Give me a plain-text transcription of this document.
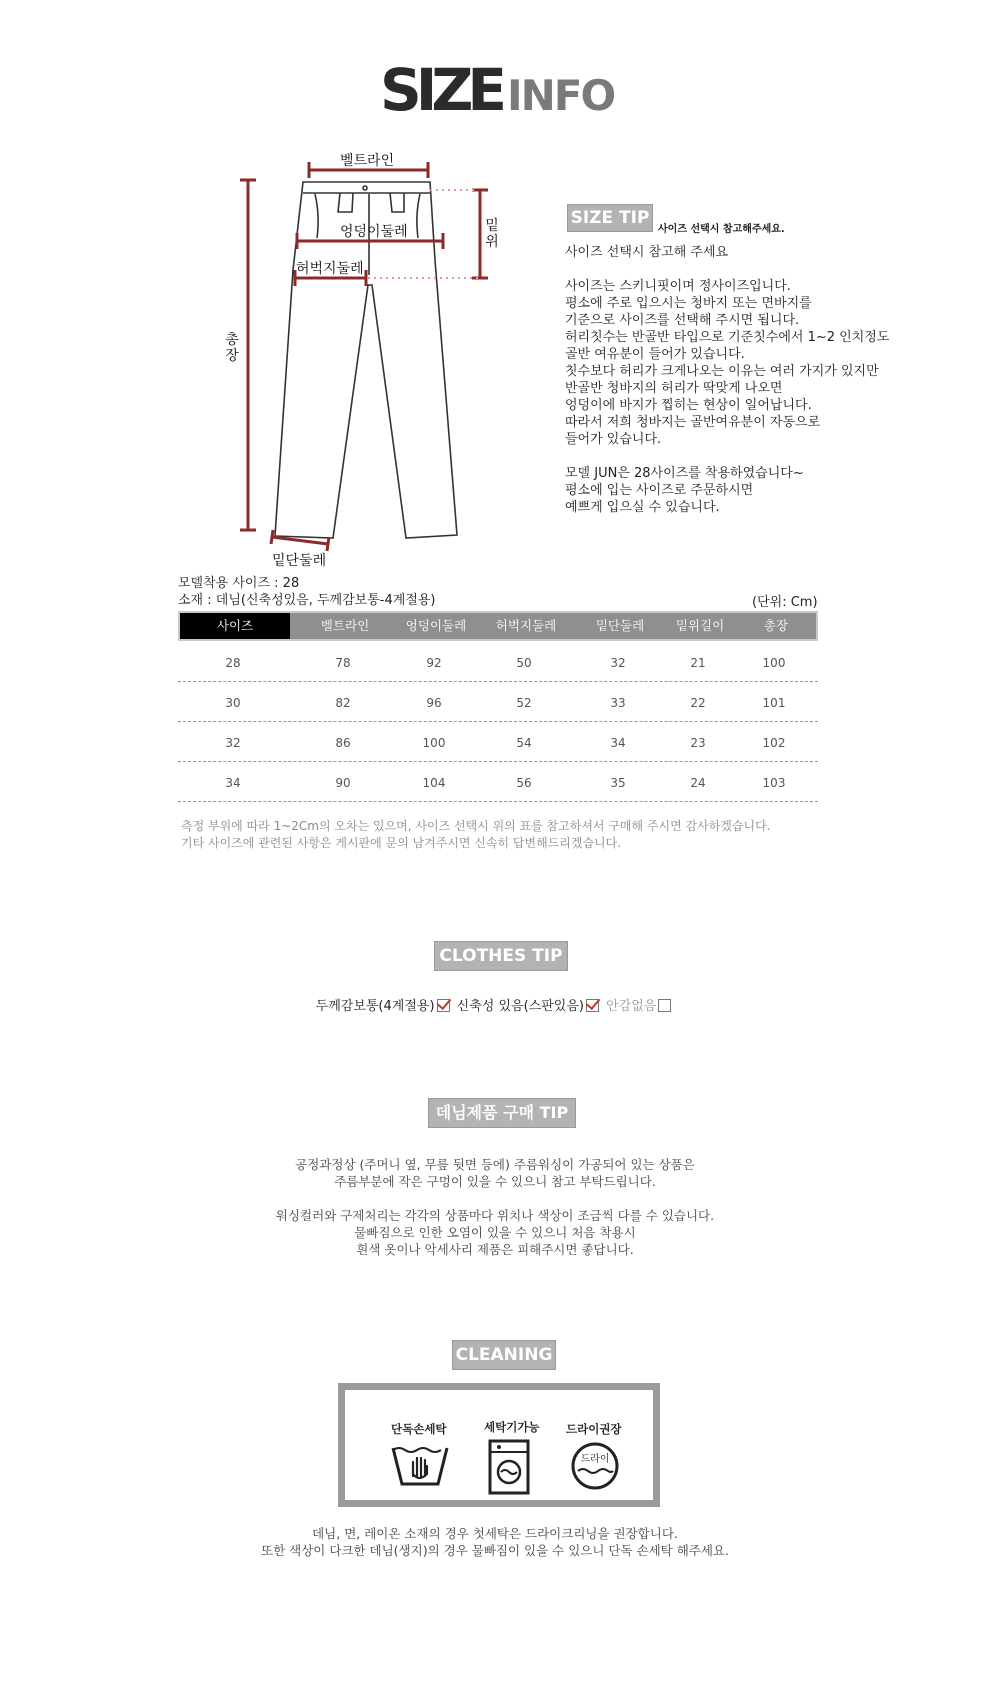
SIZE INFO
벨트라인
엉덩이둘레
허벅지둘레
밑위
총장
밑단둘레
SIZE TIP
사이즈 선택시 참고해주세요.

사이즈 선택시 참고해 주세요

사이즈는 스키니핏이며 정사이즈입니다.

평소에 주로 입으시는 청바지 또는 면바지를

기준으로 사이즈를 선택해 주시면 됩니다.

허리칫수는 반골반 타입으로 기준칫수에서 1~2 인치정도

골반 여유분이 들어가 있습니다.

칫수보다 허리가 크게나오는 이유는 여러 가지가 있지만

반골반 청바지의 허리가 딱맞게 나오면

엉덩이에 바지가 찝히는 현상이 일어납니다.

따라서 저희 청바지는 골반여유분이 자동으로

들어가 있습니다.

모델 JUN은 28사이즈를 착용하였습니다~

평소에 입는 사이즈로 주문하시면

예쁘게 입으실 수 있습니다.

모델착용 사이즈 : 28
소재 : 데님(신축성있음, 두께감보통-4계절용)	(단위: Cm)
사이즈	벨트라인	엉덩이둘레	허벅지둘레	밑단둘레	밑위길이	총장
28	78	92	50	32	21	100
30	82	96	52	33	22	101
32	86	100	54	34	23	102
34	90	104	56	35	24	103
측정 부위에 따라 1~2Cm의 오차는 있으며, 사이즈 선택시 위의 표를 참고하셔서 구매해 주시면 감사하겠습니다.
기타 사이즈에 관련된 사항은 게시판에 문의 남겨주시면 신속히 답변해드리겠습니다.
CLOTHES TIP
두께감보통(4계절용) 신축성 있음(스판있음) 안감없음
데님제품 구매 TIP
공정과정상 (주머니 옆, 무릎 뒷면 등에) 주름워싱이 가공되어 있는 상품은
주름부분에 작은 구멍이 있을 수 있으니 참고 부탁드립니다.
워싱컬러와 구제처리는 각각의 상품마다 위치나 색상이 조금씩 다를 수 있습니다.
물빠짐으로 인한 오염이 있을 수 있으니 처음 착용시
흰색 옷이나 악세사리 제품은 피해주시면 좋답니다.
CLEANING
단독손세탁	세탁기가능 드라이권장
드라이
데님, 면, 레이온 소재의 경우 첫세탁은 드라이크리닝을 권장합니다.
또한 색상이 다크한 데님(생지)의 경우 물빠짐이 있을 수 있으니 단독 손세탁 해주세요.
